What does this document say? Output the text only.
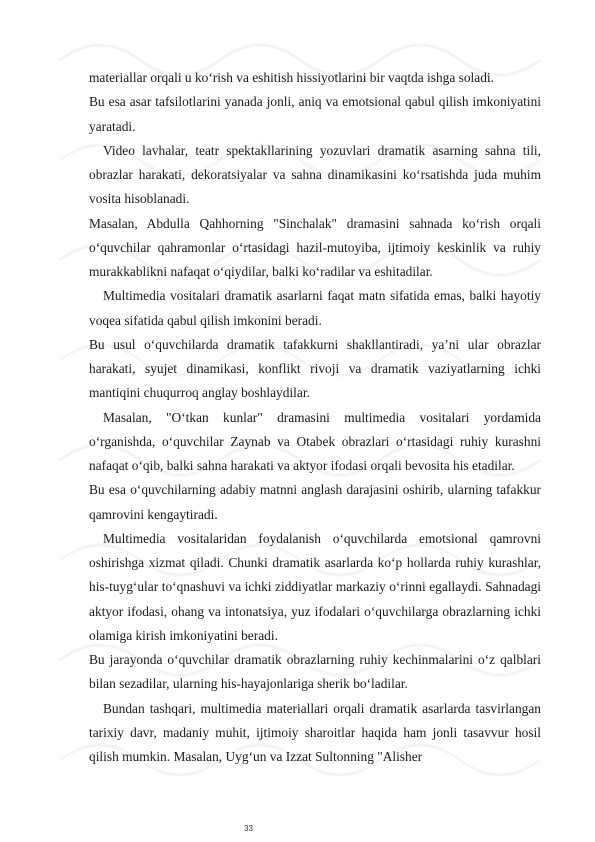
materiallar orqali u ko‘rish va eshitish hissiyotlarini bir vaqtda ishga soladi.

Bu esa asar tafsilotlarini yanada jonli, aniq va emotsional qabul qilish imkoniyatini yaratadi.

Video lavhalar, teatr spektakllarining yozuvlari dramatik asarning sahna tili, obrazlar harakati, dekoratsiyalar va sahna dinamikasini ko‘rsatishda juda muhim vosita hisoblanadi.

Masalan, Abdulla Qahhorning "Sinchalak" dramasini sahnada ko‘rish orqali o‘quvchilar qahramonlar o‘rtasidagi hazil-mutoyiba, ijtimoiy keskinlik va ruhiy murakkablikni nafaqat o‘qiydilar, balki ko‘radilar va eshitadilar.

Multimedia vositalari dramatik asarlarni faqat matn sifatida emas, balki hayotiy voqea sifatida qabul qilish imkonini beradi.

Bu usul o‘quvchilarda dramatik tafakkurni shakllantiradi, ya’ni ular obrazlar harakati, syujet dinamikasi, konflikt rivoji va dramatik vaziyatlarning ichki mantiqini chuqurroq anglay boshlaydilar.

Masalan, "O‘tkan kunlar" dramasini multimedia vositalari yordamida o‘rganishda, o‘quvchilar Zaynab va Otabek obrazlari o‘rtasidagi ruhiy kurashni nafaqat o‘qib, balki sahna harakati va aktyor ifodasi orqali bevosita his etadilar.

Bu esa o‘quvchilarning adabiy matnni anglash darajasini oshirib, ularning tafakkur qamrovini kengaytiradi.

Multimedia vositalaridan foydalanish o‘quvchilarda emotsional qamrovni oshirishga xizmat qiladi. Chunki dramatik asarlarda ko‘p hollarda ruhiy kurashlar, his-tuyg‘ular to‘qnashuvi va ichki ziddiyatlar markaziy o‘rinni egallaydi. Sahnadagi aktyor ifodasi, ohang va intonatsiya, yuz ifodalari o‘quvchilarga obrazlarning ichki olamiga kirish imkoniyatini beradi.

Bu jarayonda o‘quvchilar dramatik obrazlarning ruhiy kechinmalarini o‘z qalblari bilan sezadilar, ularning his-hayajonlariga sherik bo‘ladilar.

Bundan tashqari, multimedia materiallari orqali dramatik asarlarda tasvirlangan tarixiy davr, madaniy muhit, ijtimoiy sharoitlar haqida ham jonli tasavvur hosil qilish mumkin. Masalan, Uyg‘un va Izzat Sultonning "Alisher

33
